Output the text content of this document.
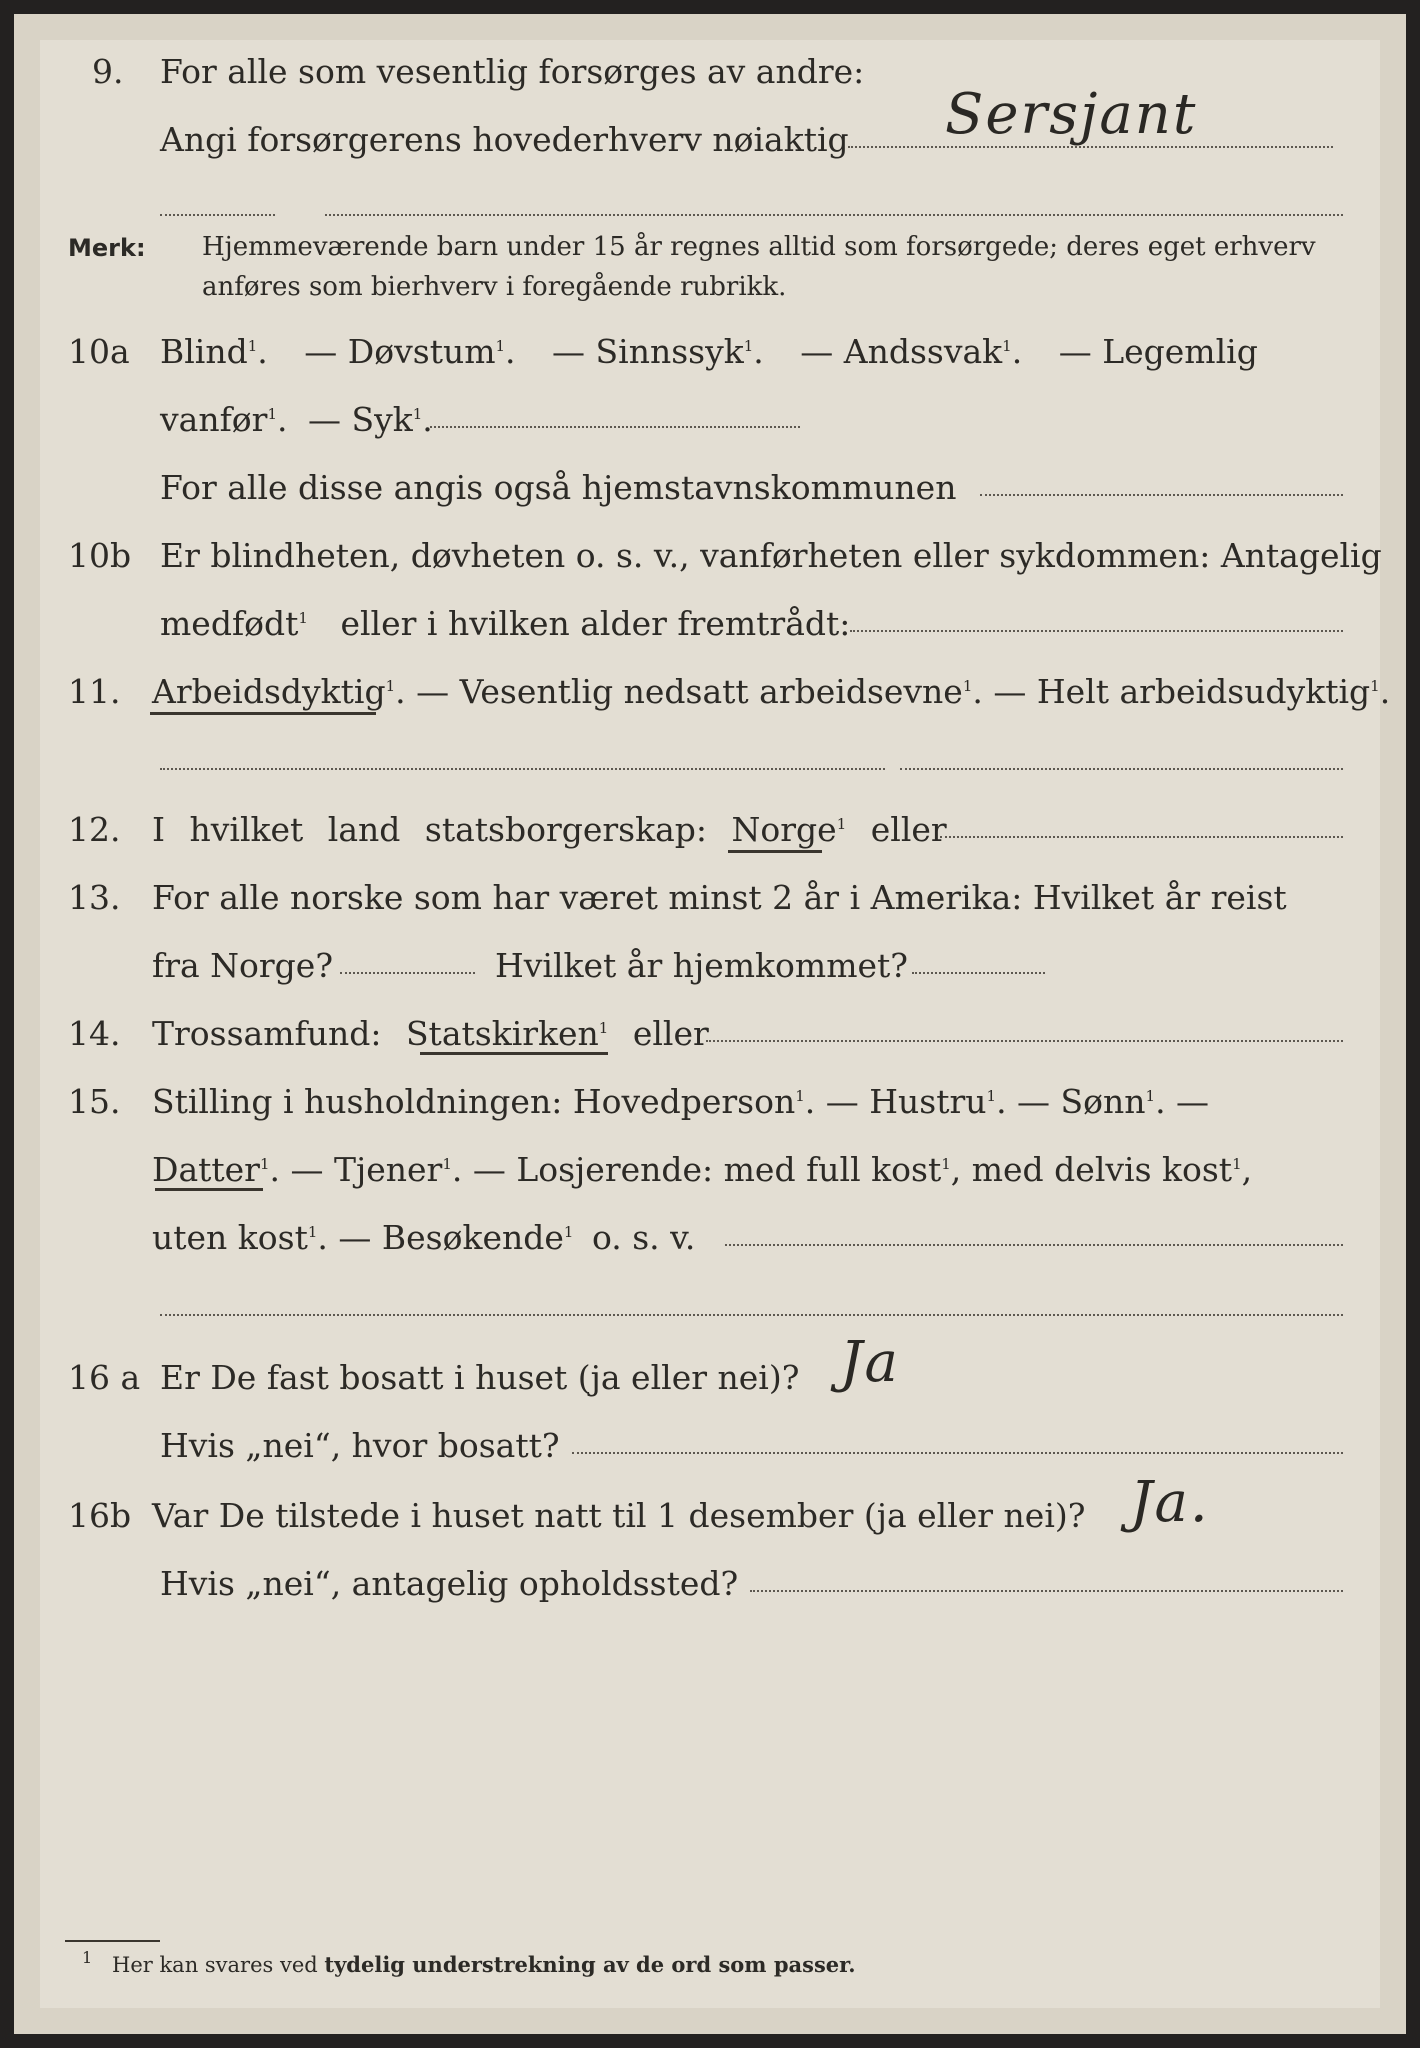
9. For alle som vesentlig forsørges av andre:
Angi forsørgerens hovederhverv nøiaktig Sersjant
Merk: Hjemmeværende barn under 15 år regnes alltid som forsørgede; deres eget erhverv
anføres som bierhverv i foregående rubrikk.
10a Blind$^1$. — Døvstum$^1$. — Sinnssyk$^1$. — Andssvak$^1$. — Legemlig
vanfør$^1$. — Syk$^1$.
For alle disse angis også hjemstavnskommunen
10b Er blindheten, døvheten o. s. v., vanførheten eller sykdommen: Antagelig
medfødt$^1$ eller i hvilken alder fremtrådt:
11. Arbeidsdyktig$^1$. — Vesentlig nedsatt arbeidsevne$^1$. — Helt arbeidsudyktig$^1$.
12. I hvilket land statsborgerskap: Norge$^1$ eller
13. For alle norske som har været minst 2 år i Amerika: Hvilket år reist
fra Norge?	Hvilket år hjemkommet?
14. Trossamfund: Statskirken$^1$ eller
15. Stilling i husholdningen: Hovedperson$^1$. — Hustru$^1$. — Sønn$^1$. —
Datter$^1$. — Tjener$^1$. — Losjerende: med full kost$^1$, med delvis kost$^1$,
uten kost$^1$. — Besøkende$^1$ o. s. v.
16 a Er De fast bosatt i huset (ja eller nei)? Ja
Hvis „nei“, hvor bosatt?
16b Var De tilstede i huset natt til 1 desember (ja eller nei)? Ja.
Hvis „nei“, antagelig opholdssted?
1 Her kan svares ved tydelig understrekning av de ord som passer.
